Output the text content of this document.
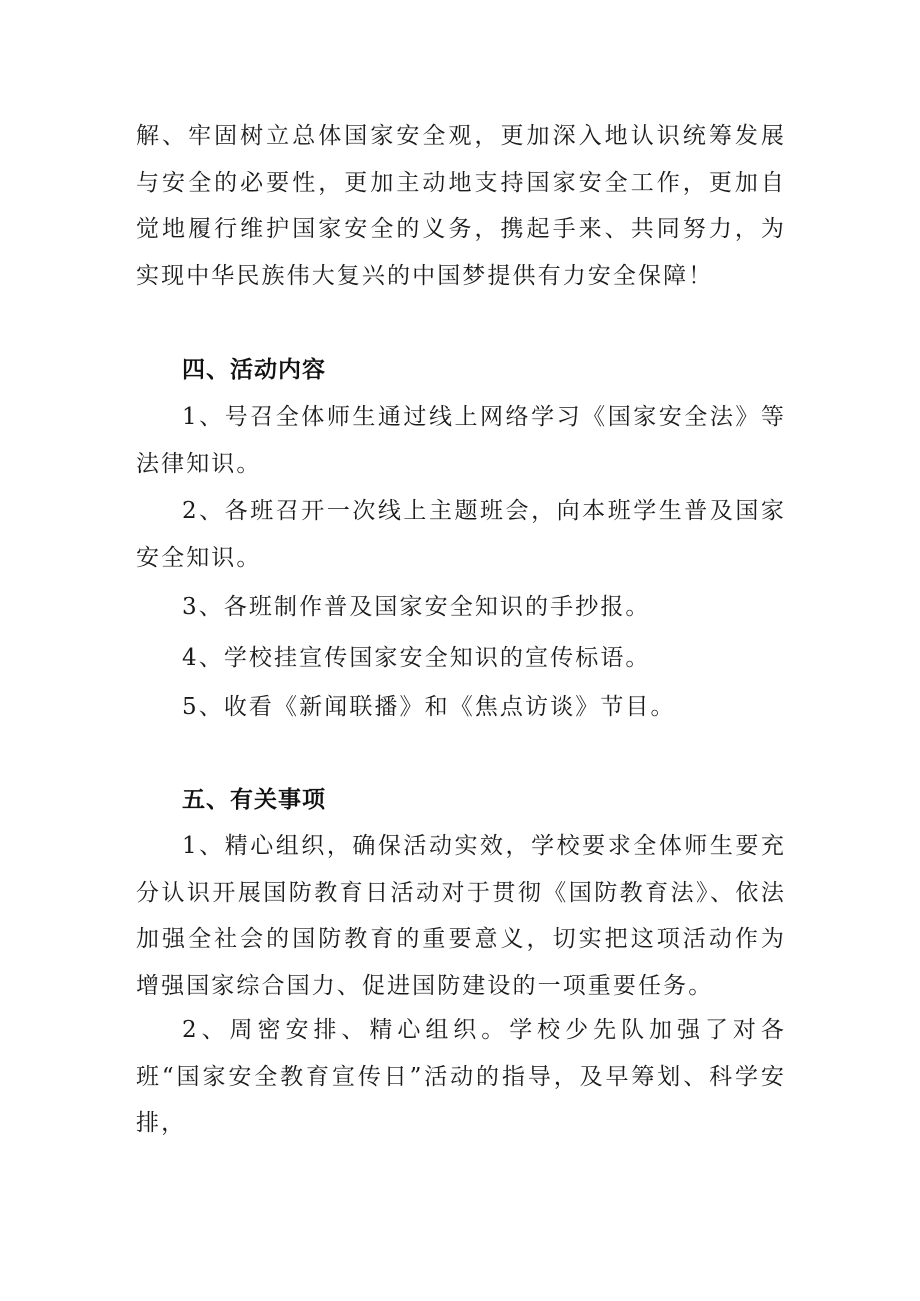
解、牢固树立总体国家安全观，更加深入地认识统筹发展与安全的必要性，更加主动地支持国家安全工作，更加自觉地履行维护国家安全的义务，携起手来、共同努力，为实现中华民族伟大复兴的中国梦提供有力安全保障！

四、活动内容

1、号召全体师生通过线上网络学习《国家安全法》等法律知识。

2、各班召开一次线上主题班会，向本班学生普及国家安全知识。

3、各班制作普及国家安全知识的手抄报。

4、学校挂宣传国家安全知识的宣传标语。

5、收看《新闻联播》和《焦点访谈》节目。

五、有关事项

1、精心组织，确保活动实效，学校要求全体师生要充分认识开展国防教育日活动对于贯彻《国防教育法》、依法加强全社会的国防教育的重要意义，切实把这项活动作为增强国家综合国力、促进国防建设的一项重要任务。

2、周密安排、精心组织。学校少先队加强了对各班“国家安全教育宣传日”活动的指导，及早筹划、科学安排，
